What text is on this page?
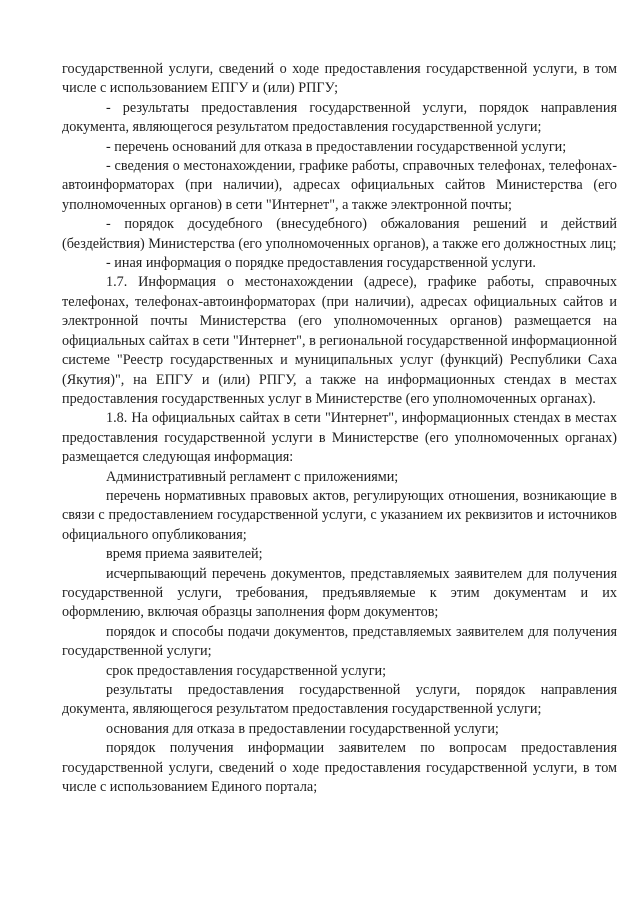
государственной услуги, сведений о ходе предоставления государственной услуги, в том числе с использованием ЕПГУ и (или) РПГУ;

- результаты предоставления государственной услуги, порядок направления документа, являющегося результатом предоставления государственной услуги;

- перечень оснований для отказа в предоставлении государственной услуги;

- сведения о местонахождении, графике работы, справочных телефонах, телефонах-автоинформаторах (при наличии), адресах официальных сайтов Министерства (его уполномоченных органов) в сети "Интернет", а также электронной почты;

- порядок досудебного (внесудебного) обжалования решений и действий (бездействия) Министерства (его уполномоченных органов), а также его должностных лиц;

- иная информация о порядке предоставления государственной услуги.

1.7. Информация о местонахождении (адресе), графике работы, справочных телефонах, телефонах-автоинформаторах (при наличии), адресах официальных сайтов и электронной почты Министерства (его уполномоченных органов) размещается на официальных сайтах в сети "Интернет", в региональной государственной информационной системе "Реестр государственных и муниципальных услуг (функций) Республики Саха (Якутия)", на ЕПГУ и (или) РПГУ, а также на информационных стендах в местах предоставления государственных услуг в Министерстве (его уполномоченных органах).

1.8. На официальных сайтах в сети "Интернет", информационных стендах в местах предоставления государственной услуги в Министерстве (его уполномоченных органах) размещается следующая информация:

Административный регламент с приложениями;

перечень нормативных правовых актов, регулирующих отношения, возникающие в связи с предоставлением государственной услуги, с указанием их реквизитов и источников официального опубликования;

время приема заявителей;

исчерпывающий перечень документов, представляемых заявителем для получения государственной услуги, требования, предъявляемые к этим документам и их оформлению, включая образцы заполнения форм документов;

порядок и способы подачи документов, представляемых заявителем для получения государственной услуги;

срок предоставления государственной услуги;

результаты предоставления государственной услуги, порядок направления документа, являющегося результатом предоставления государственной услуги;

основания для отказа в предоставлении государственной услуги;

порядок получения информации заявителем по вопросам предоставления государственной услуги, сведений о ходе предоставления государственной услуги, в том числе с использованием Единого портала;
